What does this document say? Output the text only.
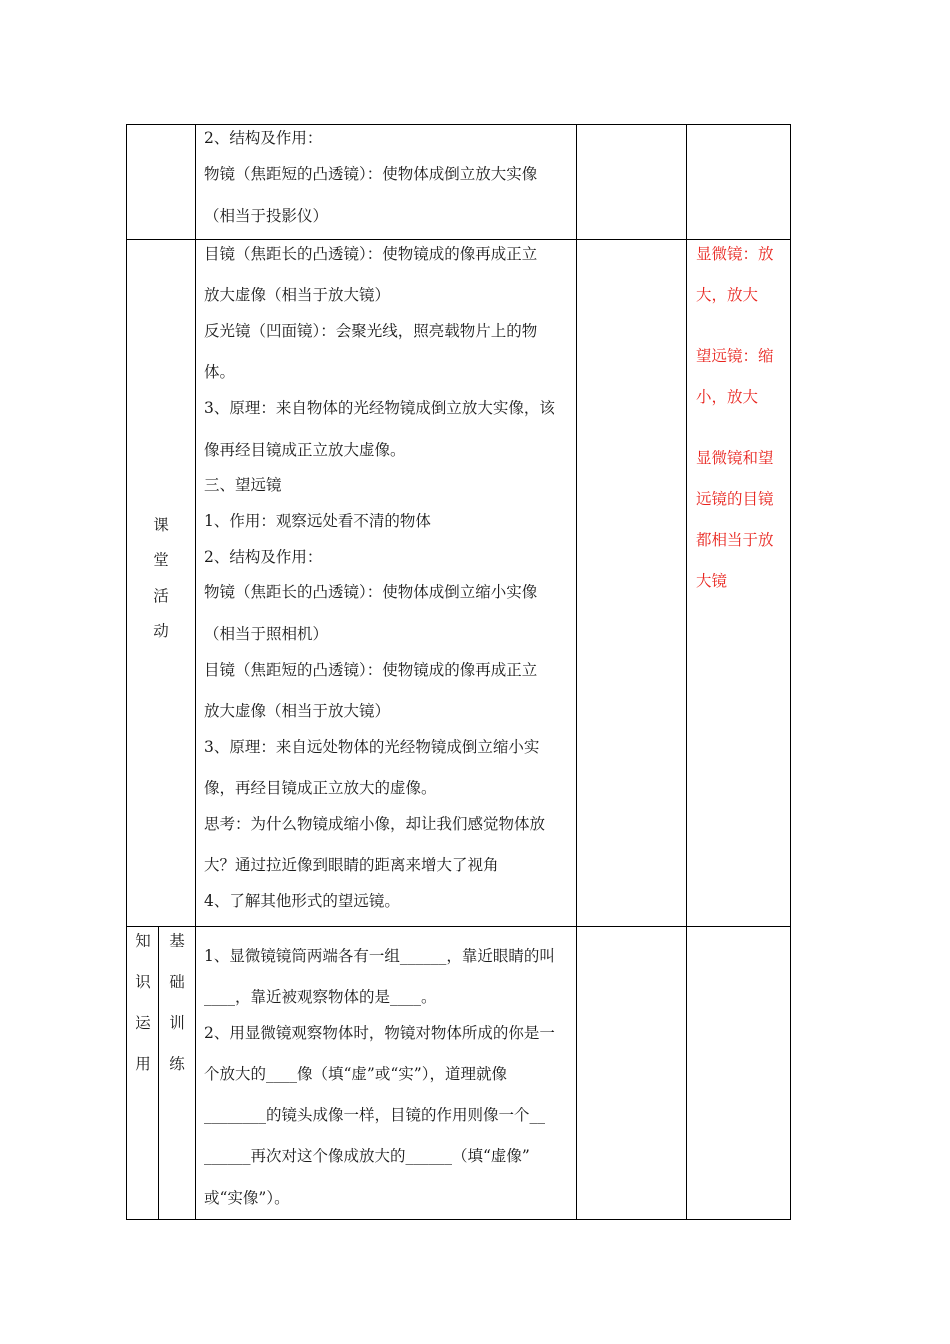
2、结构及作用：
物镜（焦距短的凸透镜）：使物体成倒立放大实像
（相当于投影仪）
课
堂
活
动
目镜（焦距长的凸透镜）：使物镜成的像再成正立
放大虚像（相当于放大镜）
反光镜（凹面镜）：会聚光线，照亮载物片上的物
体。
3、原理：来自物体的光经物镜成倒立放大实像，该
像再经目镜成正立放大虚像。
三、望远镜
1、作用：观察远处看不清的物体
2、结构及作用：
物镜（焦距长的凸透镜）：使物体成倒立缩小实像
（相当于照相机）
目镜（焦距短的凸透镜）：使物镜成的像再成正立
放大虚像（相当于放大镜）
3、原理：来自远处物体的光经物镜成倒立缩小实
像，再经目镜成正立放大的虚像。
思考：为什么物镜成缩小像，却让我们感觉物体放
大？通过拉近像到眼睛的距离来增大了视角
4、了解其他形式的望远镜。
显微镜：放
大，放大
望远镜：缩
小，放大
显微镜和望
远镜的目镜
都相当于放
大镜
知
识
运
用
基
础
训
练
1、显微镜镜筒两端各有一组______，靠近眼睛的叫
____，靠近被观察物体的是____。
2、用显微镜观察物体时，物镜对物体所成的你是一
个放大的____像（填“虚”或“实”），道理就像
________的镜头成像一样，目镜的作用则像一个__
______再次对这个像成放大的______（填“虚像”
或“实像”）。
